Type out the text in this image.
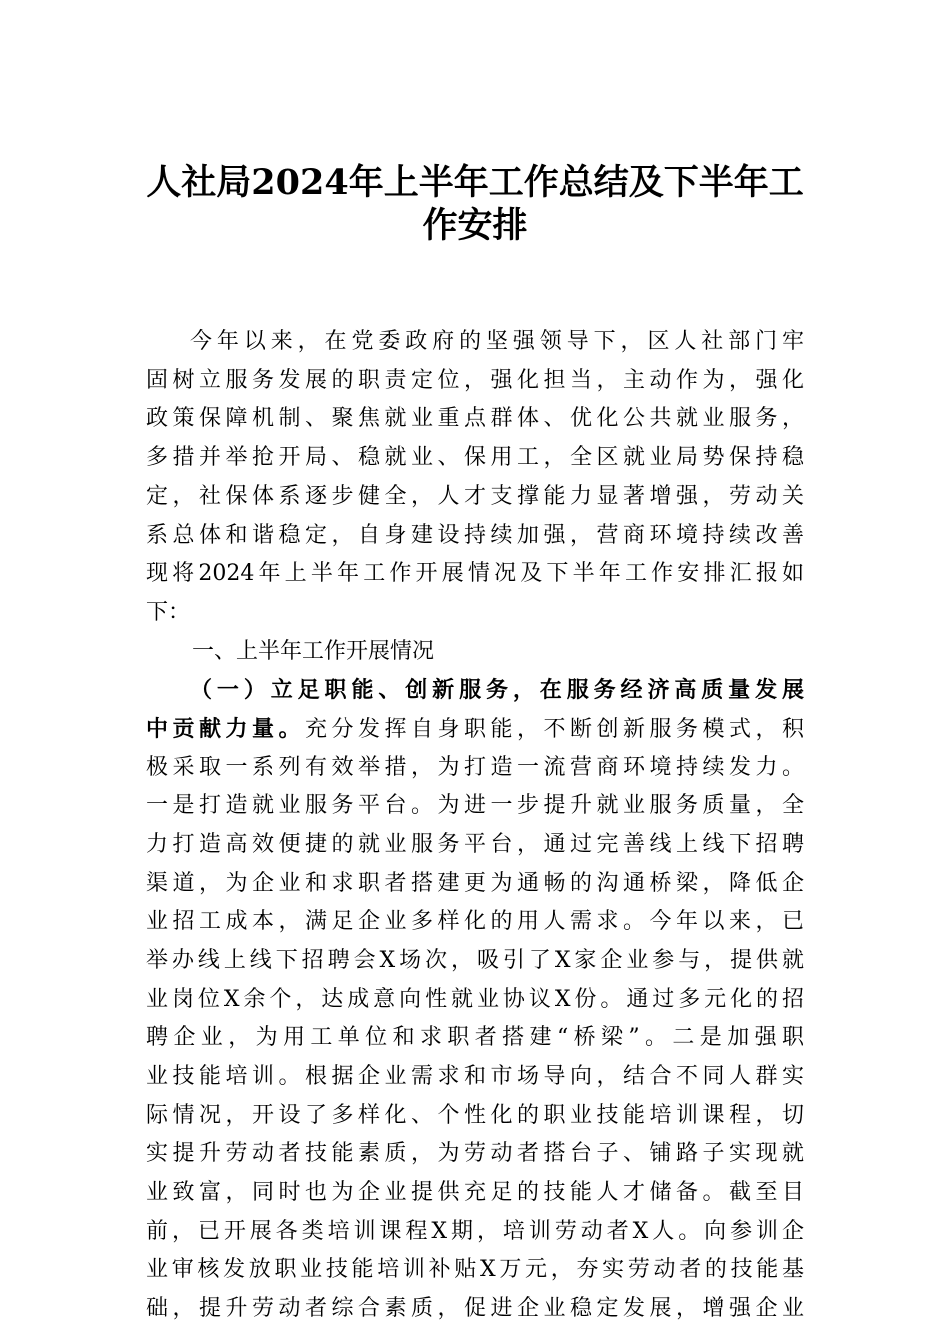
人社局2024年上半年工作总结及下半年工
作安排
今年以来，在党委政府的坚强领导下，区人社部门牢
固树立服务发展的职责定位，强化担当，主动作为，强化
政策保障机制、聚焦就业重点群体、优化公共就业服务，
多措并举抢开局、稳就业、保用工，全区就业局势保持稳
定，社保体系逐步健全，人才支撑能力显著增强，劳动关
系总体和谐稳定，自身建设持续加强，营商环境持续改善
现将2024年上半年工作开展情况及下半年工作安排汇报如
下：
一、上半年工作开展情况
（一）立足职能、创新服务，在服务经济高质量发展
中贡献力量。充分发挥自身职能，不断创新服务模式，积
极采取一系列有效举措，为打造一流营商环境持续发力。
一是打造就业服务平台。为进一步提升就业服务质量，全
力打造高效便捷的就业服务平台，通过完善线上线下招聘
渠道，为企业和求职者搭建更为通畅的沟通桥梁，降低企
业招工成本，满足企业多样化的用人需求。今年以来，已
举办线上线下招聘会X场次，吸引了X家企业参与，提供就
业岗位X余个，达成意向性就业协议X份。通过多元化的招
聘企业，为用工单位和求职者搭建“桥梁”。二是加强职
业技能培训。根据企业需求和市场导向，结合不同人群实
际情况，开设了多样化、个性化的职业技能培训课程，切
实提升劳动者技能素质，为劳动者搭台子、铺路子实现就
业致富，同时也为企业提供充足的技能人才储备。截至目
前，已开展各类培训课程X期，培训劳动者X人。向参训企
业审核发放职业技能培训补贴X万元，夯实劳动者的技能基
础，提升劳动者综合素质，促进企业稳定发展，增强企业
